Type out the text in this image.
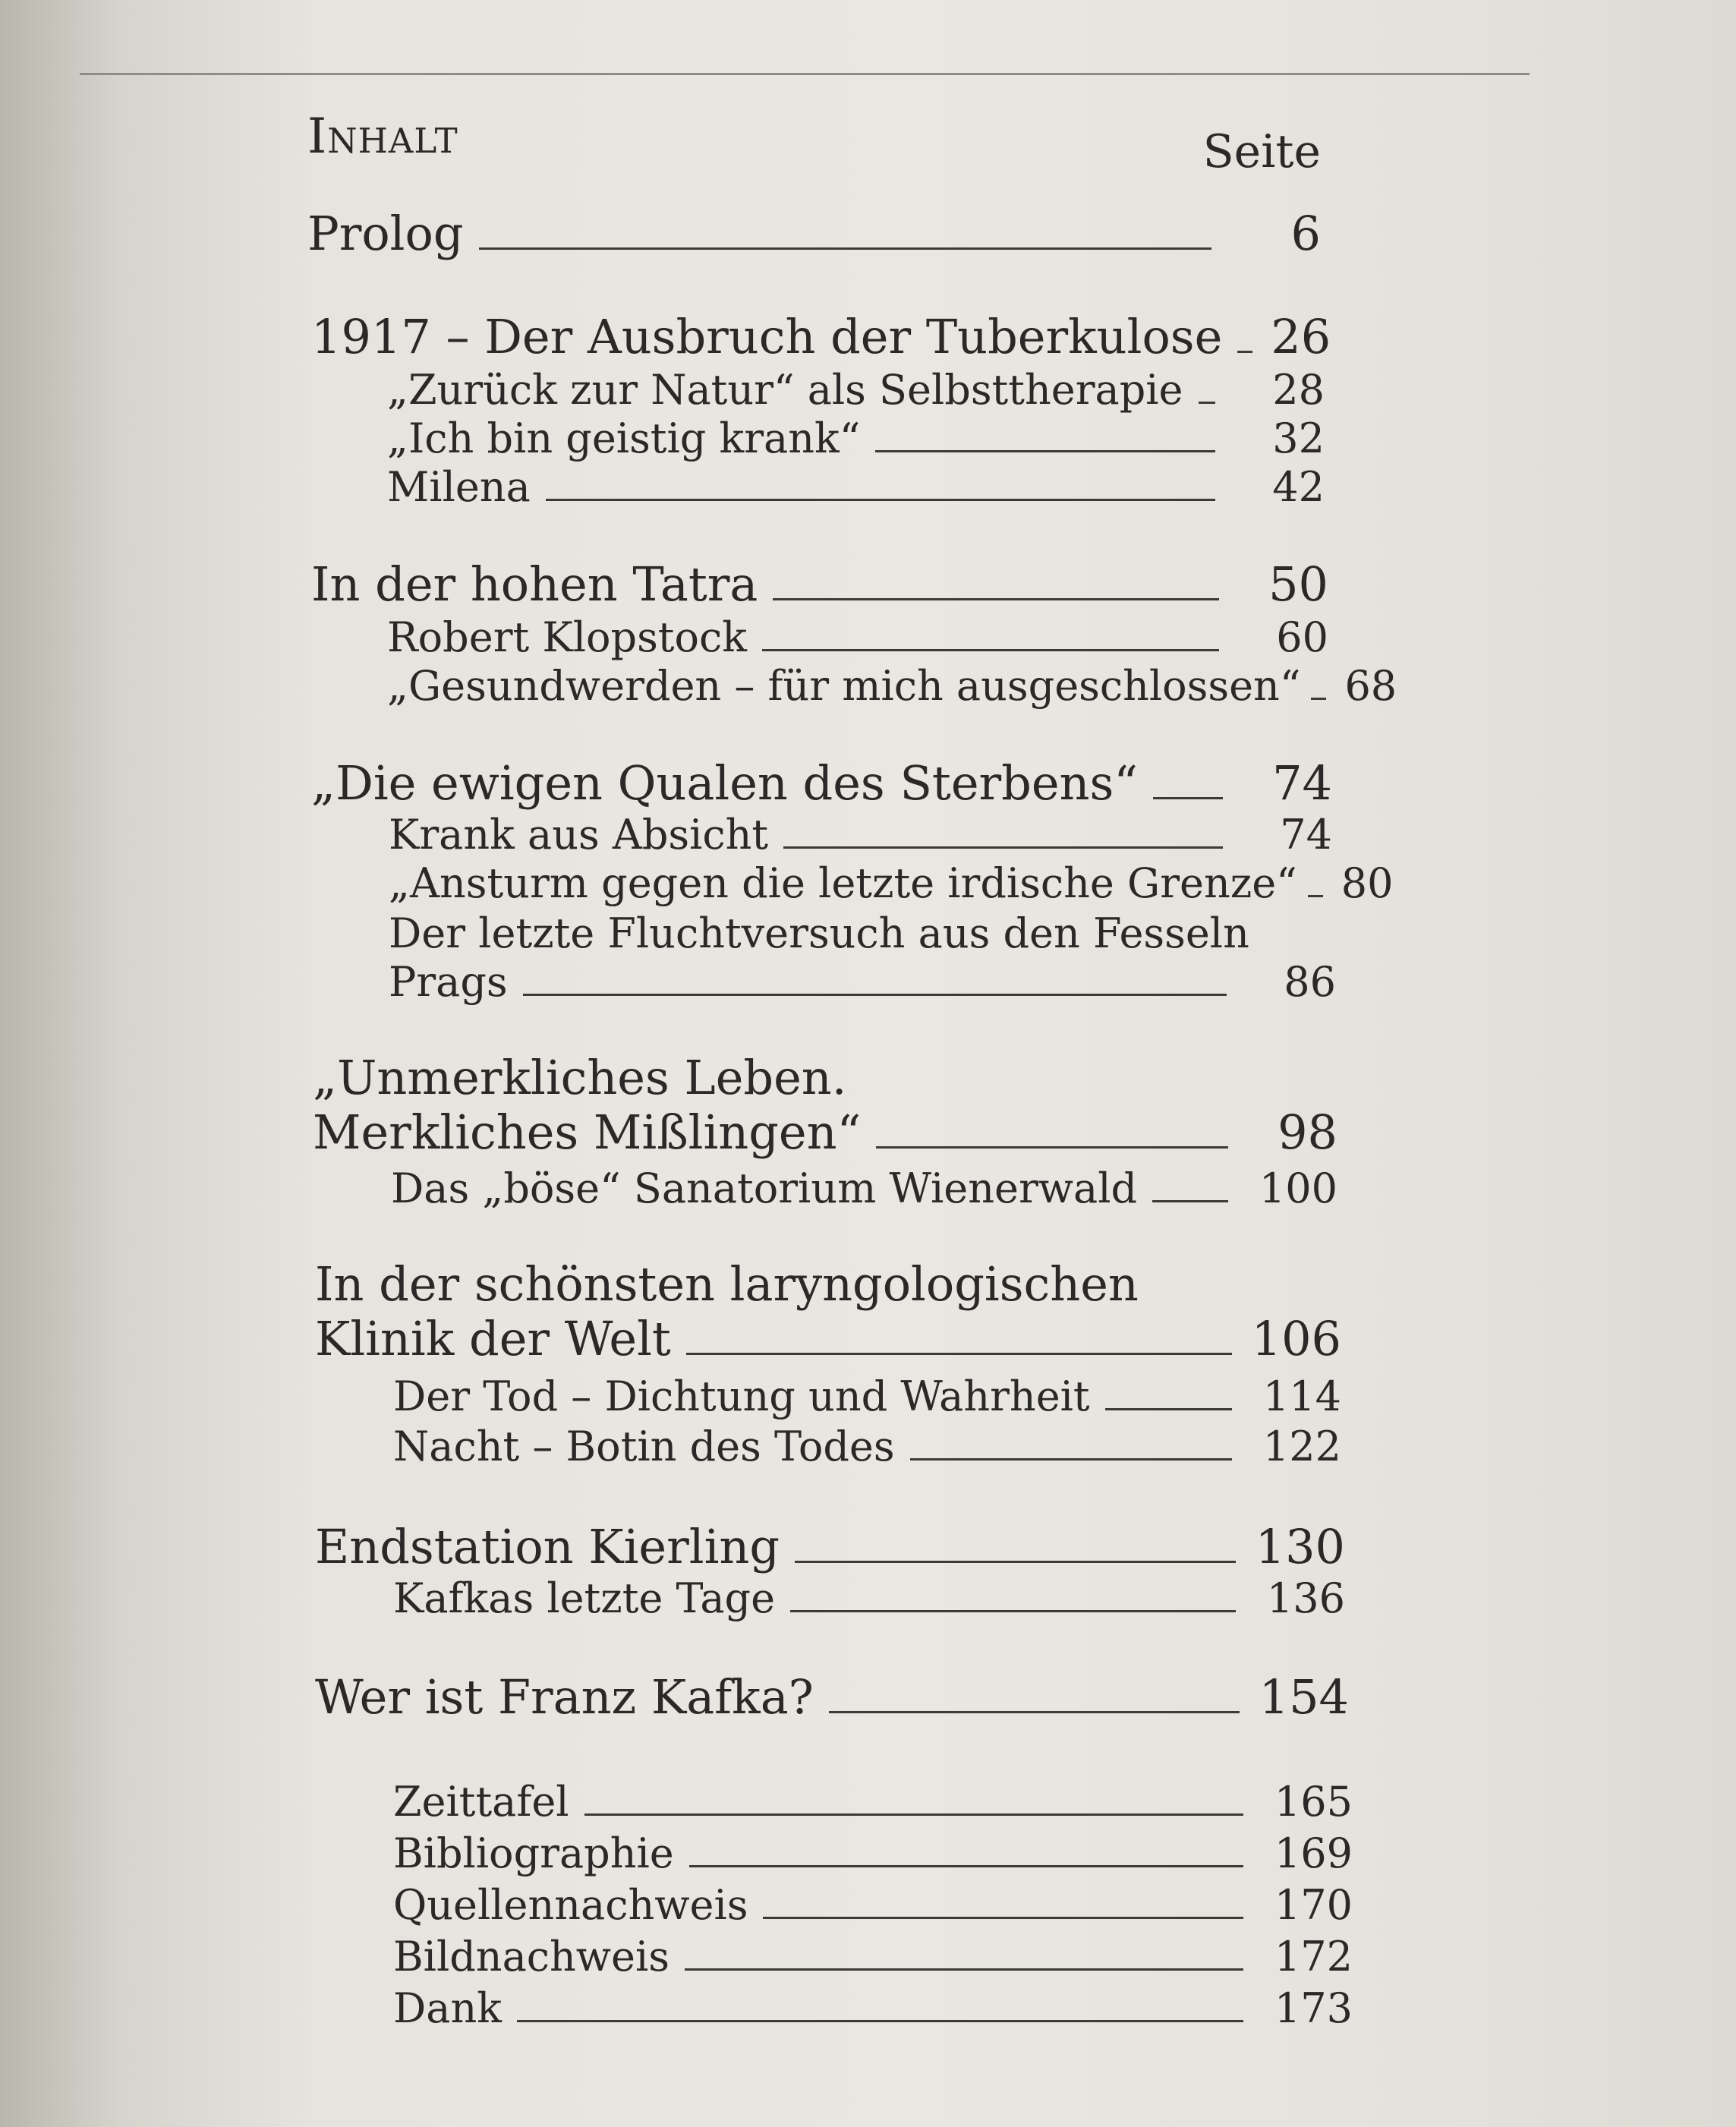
Inhalt	Seite
Prolog	6
1917 – Der Ausbruch der Tuberkulose 26
„Zurück zur Natur“ als Selbsttherapie	28
„Ich bin geistig krank“	32
Milena	42
In der hohen Tatra	50
Robert Klopstock	60
„Gesundwerden – für mich ausgeschlossen“ 68
„Die ewigen Qualen des Sterbens“	74
Krank aus Absicht	74
„Ansturm gegen die letzte irdische Grenze“ 80
Der letzte Fluchtversuch aus den Fesseln
Prags	86
„Unmerkliches Leben.
Merkliches Mißlingen“	98
Das „böse“ Sanatorium Wienerwald	100
In der schönsten laryngologischen
Klinik der Welt	106
Der Tod – Dichtung und Wahrheit	114
Nacht – Botin des Todes	122
Endstation Kierling	130
Kafkas letzte Tage	136
Wer ist Franz Kafka?	154
Zeittafel	165
Bibliographie	169
Quellennachweis	170
Bildnachweis	172
Dank	173
